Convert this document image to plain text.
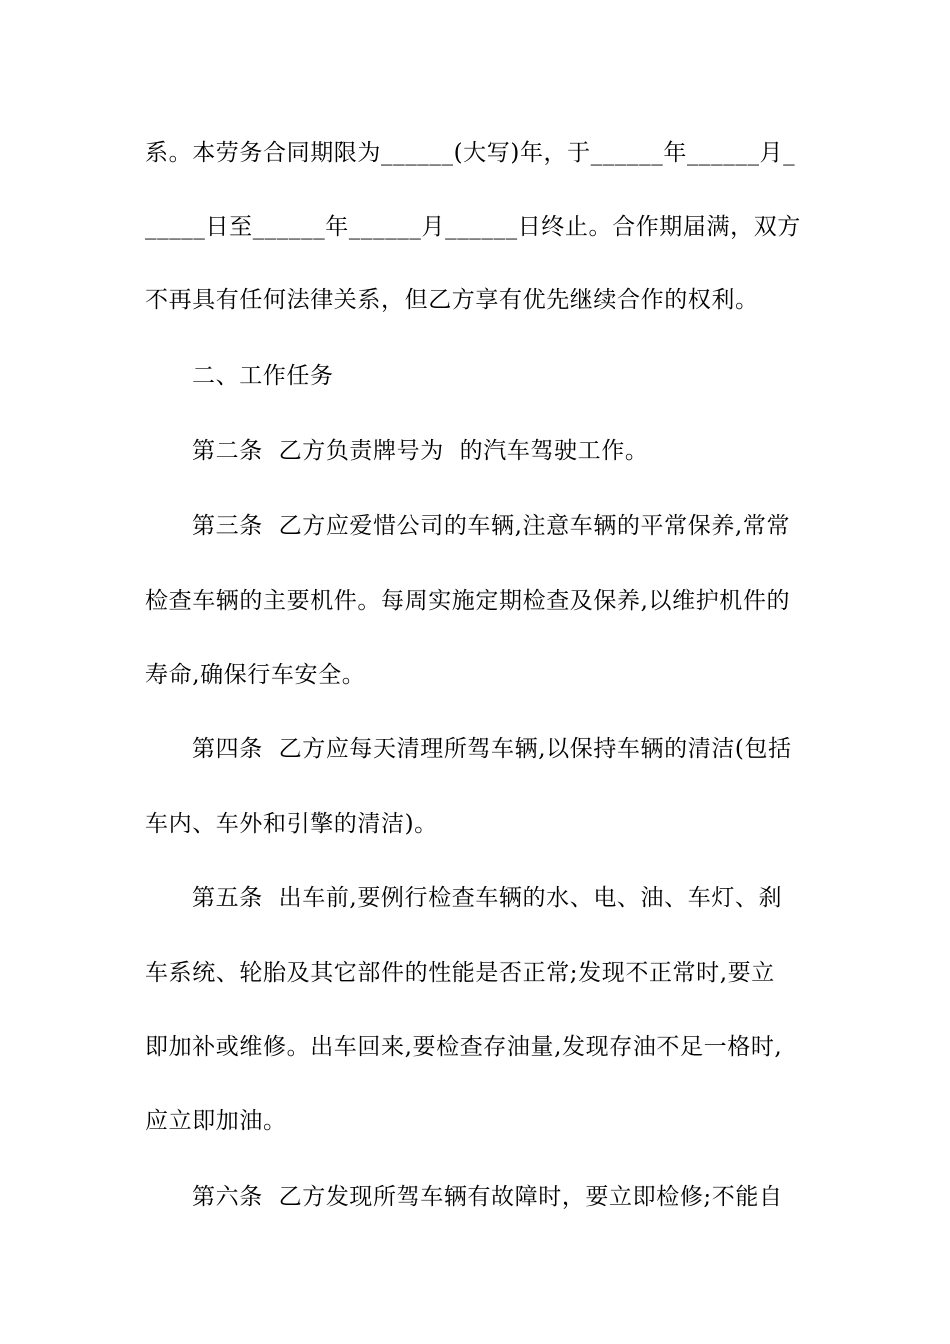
系。本劳务合同期限为______(大写)年，于______年______月_
_____日至______年______月______日终止。合作期届满，双方
不再具有任何法律关系，但乙方享有优先继续合作的权利。
二、工作任务
第二条  乙方负责牌号为  的汽车驾驶工作。
第三条  乙方应爱惜公司的车辆,注意车辆的平常保养,常常
检查车辆的主要机件。每周实施定期检查及保养,以维护机件的
寿命,确保行车安全。
第四条  乙方应每天清理所驾车辆,以保持车辆的清洁(包括
车内、车外和引擎的清洁)。
第五条  出车前,要例行检查车辆的水、电、油、车灯、刹
车系统、轮胎及其它部件的性能是否正常;发现不正常时,要立
即加补或维修。出车回来,要检查存油量,发现存油不足一格时,
应立即加油。
第六条  乙方发现所驾车辆有故障时，要立即检修;不能自
